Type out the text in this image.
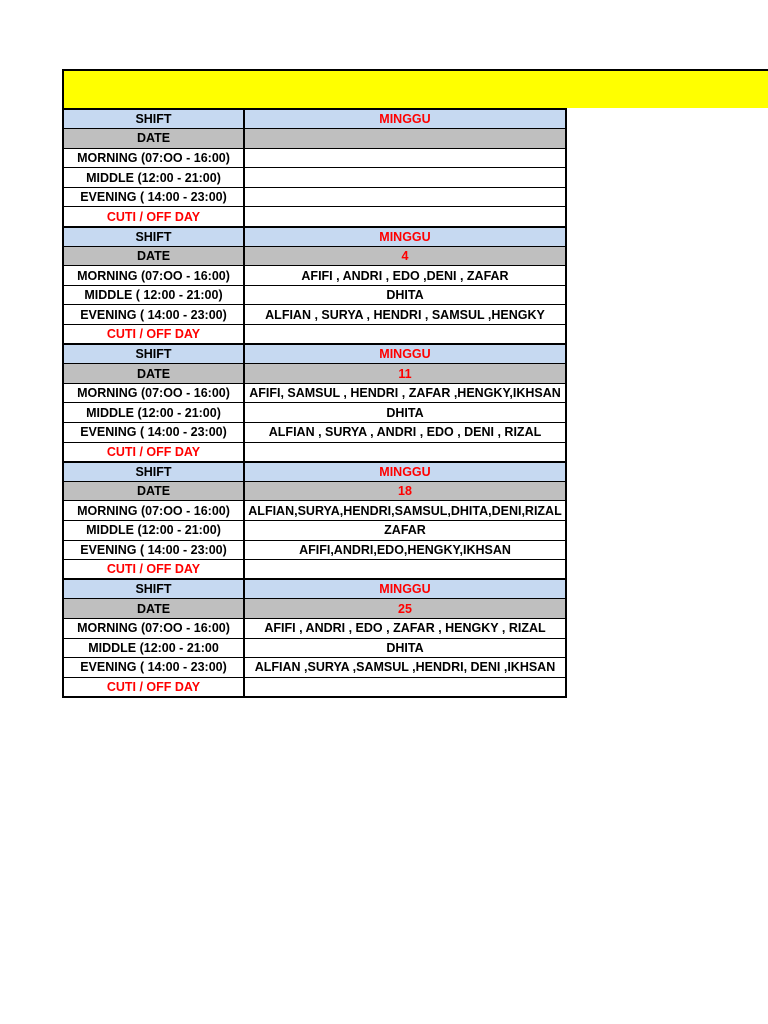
SHIFT	MINGGU
DATE	
MORNING (07:OO - 16:00)	
MIDDLE (12:00 - 21:00)	
EVENING ( 14:00 - 23:00)	
CUTI / OFF DAY	
SHIFT	MINGGU
DATE	4
MORNING (07:OO - 16:00)	AFIFI , ANDRI , EDO ,DENI , ZAFAR
MIDDLE ( 12:00 - 21:00)	DHITA
EVENING ( 14:00 - 23:00)	ALFIAN , SURYA , HENDRI , SAMSUL ,HENGKY
CUTI / OFF DAY	
SHIFT	MINGGU
DATE	11
MORNING (07:OO - 16:00)	AFIFI, SAMSUL , HENDRI , ZAFAR ,HENGKY,IKHSAN
MIDDLE (12:00 - 21:00)	DHITA
EVENING ( 14:00 - 23:00)	ALFIAN , SURYA , ANDRI , EDO , DENI , RIZAL
CUTI / OFF DAY	
SHIFT	MINGGU
DATE	18
MORNING (07:OO - 16:00)	ALFIAN,SURYA,HENDRI,SAMSUL,DHITA,DENI,RIZAL
MIDDLE (12:00 - 21:00)	ZAFAR
EVENING ( 14:00 - 23:00)	AFIFI,ANDRI,EDO,HENGKY,IKHSAN
CUTI / OFF DAY	
SHIFT	MINGGU
DATE	25
MORNING (07:OO - 16:00)	AFIFI , ANDRI , EDO , ZAFAR , HENGKY , RIZAL
MIDDLE (12:00 - 21:00	DHITA
EVENING ( 14:00 - 23:00)	ALFIAN ,SURYA ,SAMSUL ,HENDRI, DENI ,IKHSAN
CUTI / OFF DAY	
